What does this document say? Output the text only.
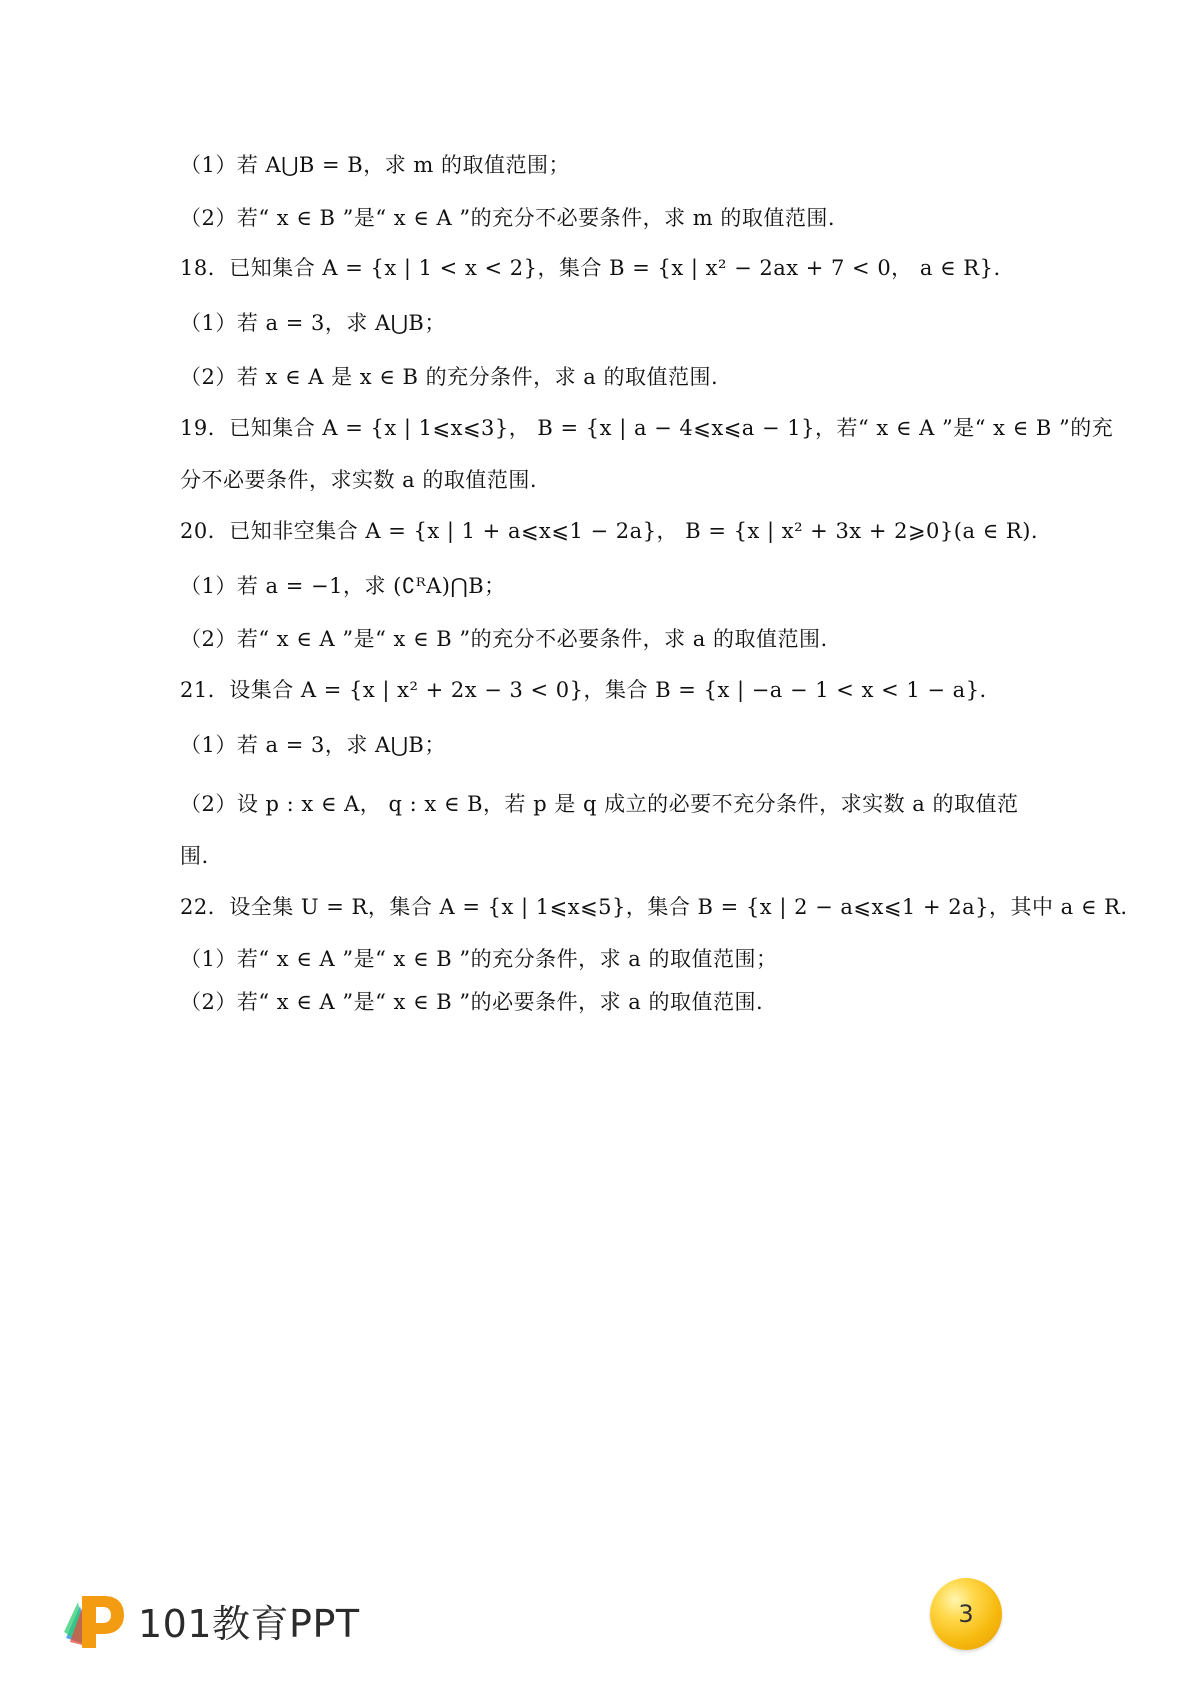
（1）若 A⋃B = B，求 m 的取值范围；
（2）若“ x ∈ B ”是“ x ∈ A ”的充分不必要条件，求 m 的取值范围.
18．已知集合 A = {x | 1 < x < 2}，集合 B = {x | x² − 2ax + 7 < 0， a ∈ R}.
（1）若 a = 3，求 A⋃B；
（2）若 x ∈ A 是 x ∈ B 的充分条件，求 a 的取值范围.
19．已知集合 A = {x | 1⩽x⩽3}， B = {x | a − 4⩽x⩽a − 1}，若“ x ∈ A ”是“ x ∈ B ”的充
分不必要条件，求实数 a 的取值范围.
20．已知非空集合 A = {x | 1 + a⩽x⩽1 − 2a}， B = {x | x² + 3x + 2⩾0}(a ∈ R).
（1）若 a = −1，求 (∁ᴿA)⋂B；
（2）若“ x ∈ A ”是“ x ∈ B ”的充分不必要条件，求 a 的取值范围.
21．设集合 A = {x | x² + 2x − 3 < 0}，集合 B = {x | −a − 1 < x < 1 − a}.
（1）若 a = 3，求 A⋃B；
（2）设 p : x ∈ A， q : x ∈ B，若 p 是 q 成立的必要不充分条件，求实数 a 的取值范
围.
22．设全集 U = R，集合 A = {x | 1⩽x⩽5}，集合 B = {x | 2 − a⩽x⩽1 + 2a}，其中 a ∈ R.
（1）若“ x ∈ A ”是“ x ∈ B ”的充分条件，求 a 的取值范围；
（2）若“ x ∈ A ”是“ x ∈ B ”的必要条件，求 a 的取值范围.
101教育PPT	3
